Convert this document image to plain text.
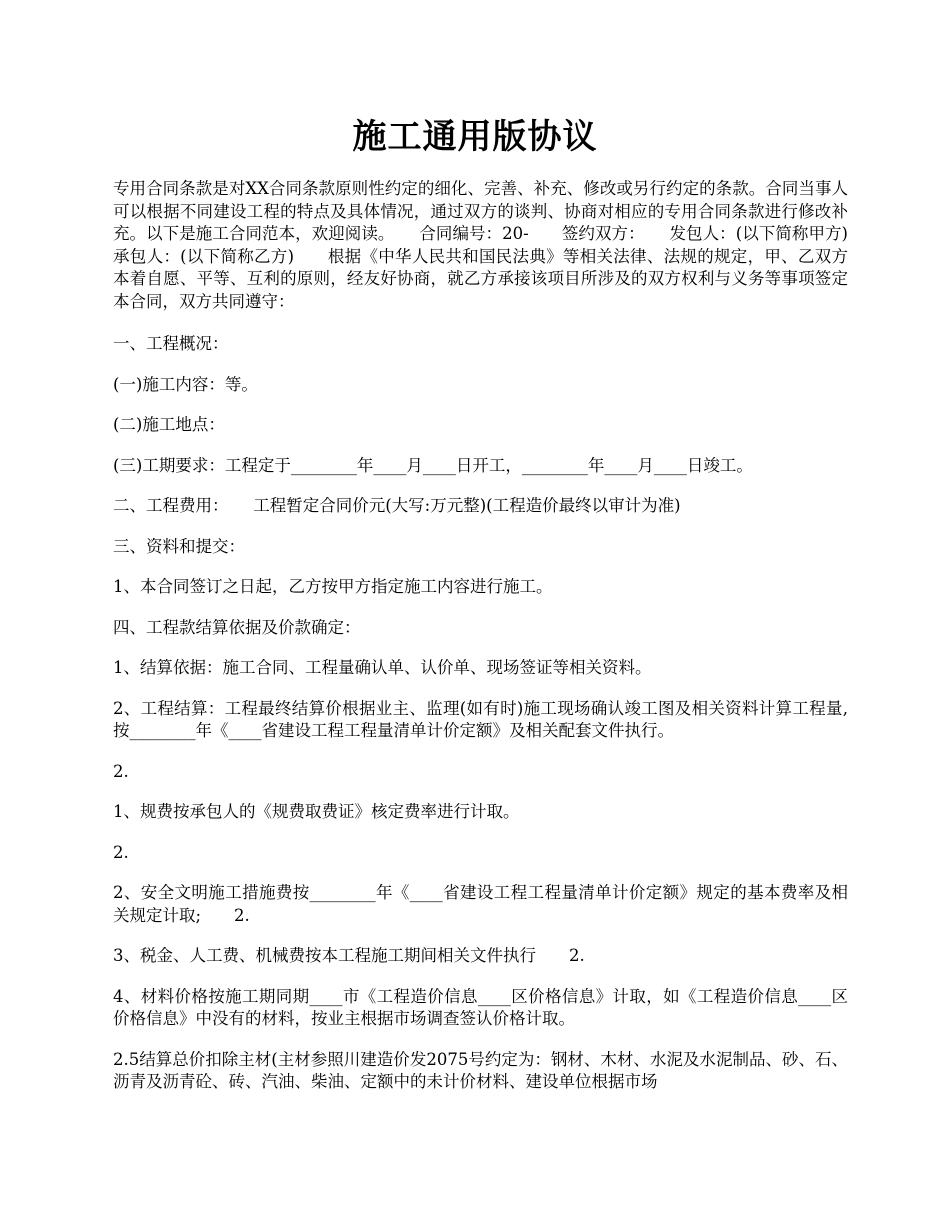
施工通用版协议

专用合同条款是对XX合同条款原则性约定的细化、完善、补充、修改或另行约定的条款。合同当事人可以根据不同建设工程的特点及具体情况，通过双方的谈判、协商对相应的专用合同条款进行修改补充。以下是施工合同范本，欢迎阅读。　　合同编号：20-　　签约双方：　　发包人：(以下简称甲方)　　承包人：(以下简称乙方)　　根据《中华人民共和国民法典》等相关法律、法规的规定，甲、乙双方本着自愿、平等、互利的原则，经友好协商，就乙方承接该项目所涉及的双方权利与义务等事项签定本合同，双方共同遵守：

一、工程概况：

(一)施工内容：等。

(二)施工地点：

(三)工期要求：工程定于________年____月____日开工，________年____月____日竣工。

二、工程费用：　　工程暂定合同价元(大写:万元整)(工程造价最终以审计为准)

三、资料和提交：

1、本合同签订之日起，乙方按甲方指定施工内容进行施工。

四、工程款结算依据及价款确定：

1、结算依据：施工合同、工程量确认单、认价单、现场签证等相关资料。

2、工程结算：工程最终结算价根据业主、监理(如有时)施工现场确认竣工图及相关资料计算工程量,按________年《____省建设工程工程量清单计价定额》及相关配套文件执行。

2.

1、规费按承包人的《规费取费证》核定费率进行计取。

2.

2、安全文明施工措施费按________年《____省建设工程工程量清单计价定额》规定的基本费率及相关规定计取;　　2.

3、税金、人工费、机械费按本工程施工期间相关文件执行　　2.

4、材料价格按施工期同期____市《工程造价信息____区价格信息》计取，如《工程造价信息____区价格信息》中没有的材料，按业主根据市场调查签认价格计取。

2.5结算总价扣除主材(主材参照川建造价发2075号约定为：钢材、木材、水泥及水泥制品、砂、石、沥青及沥青砼、砖、汽油、柴油、定额中的未计价材料、建设单位根据市场
